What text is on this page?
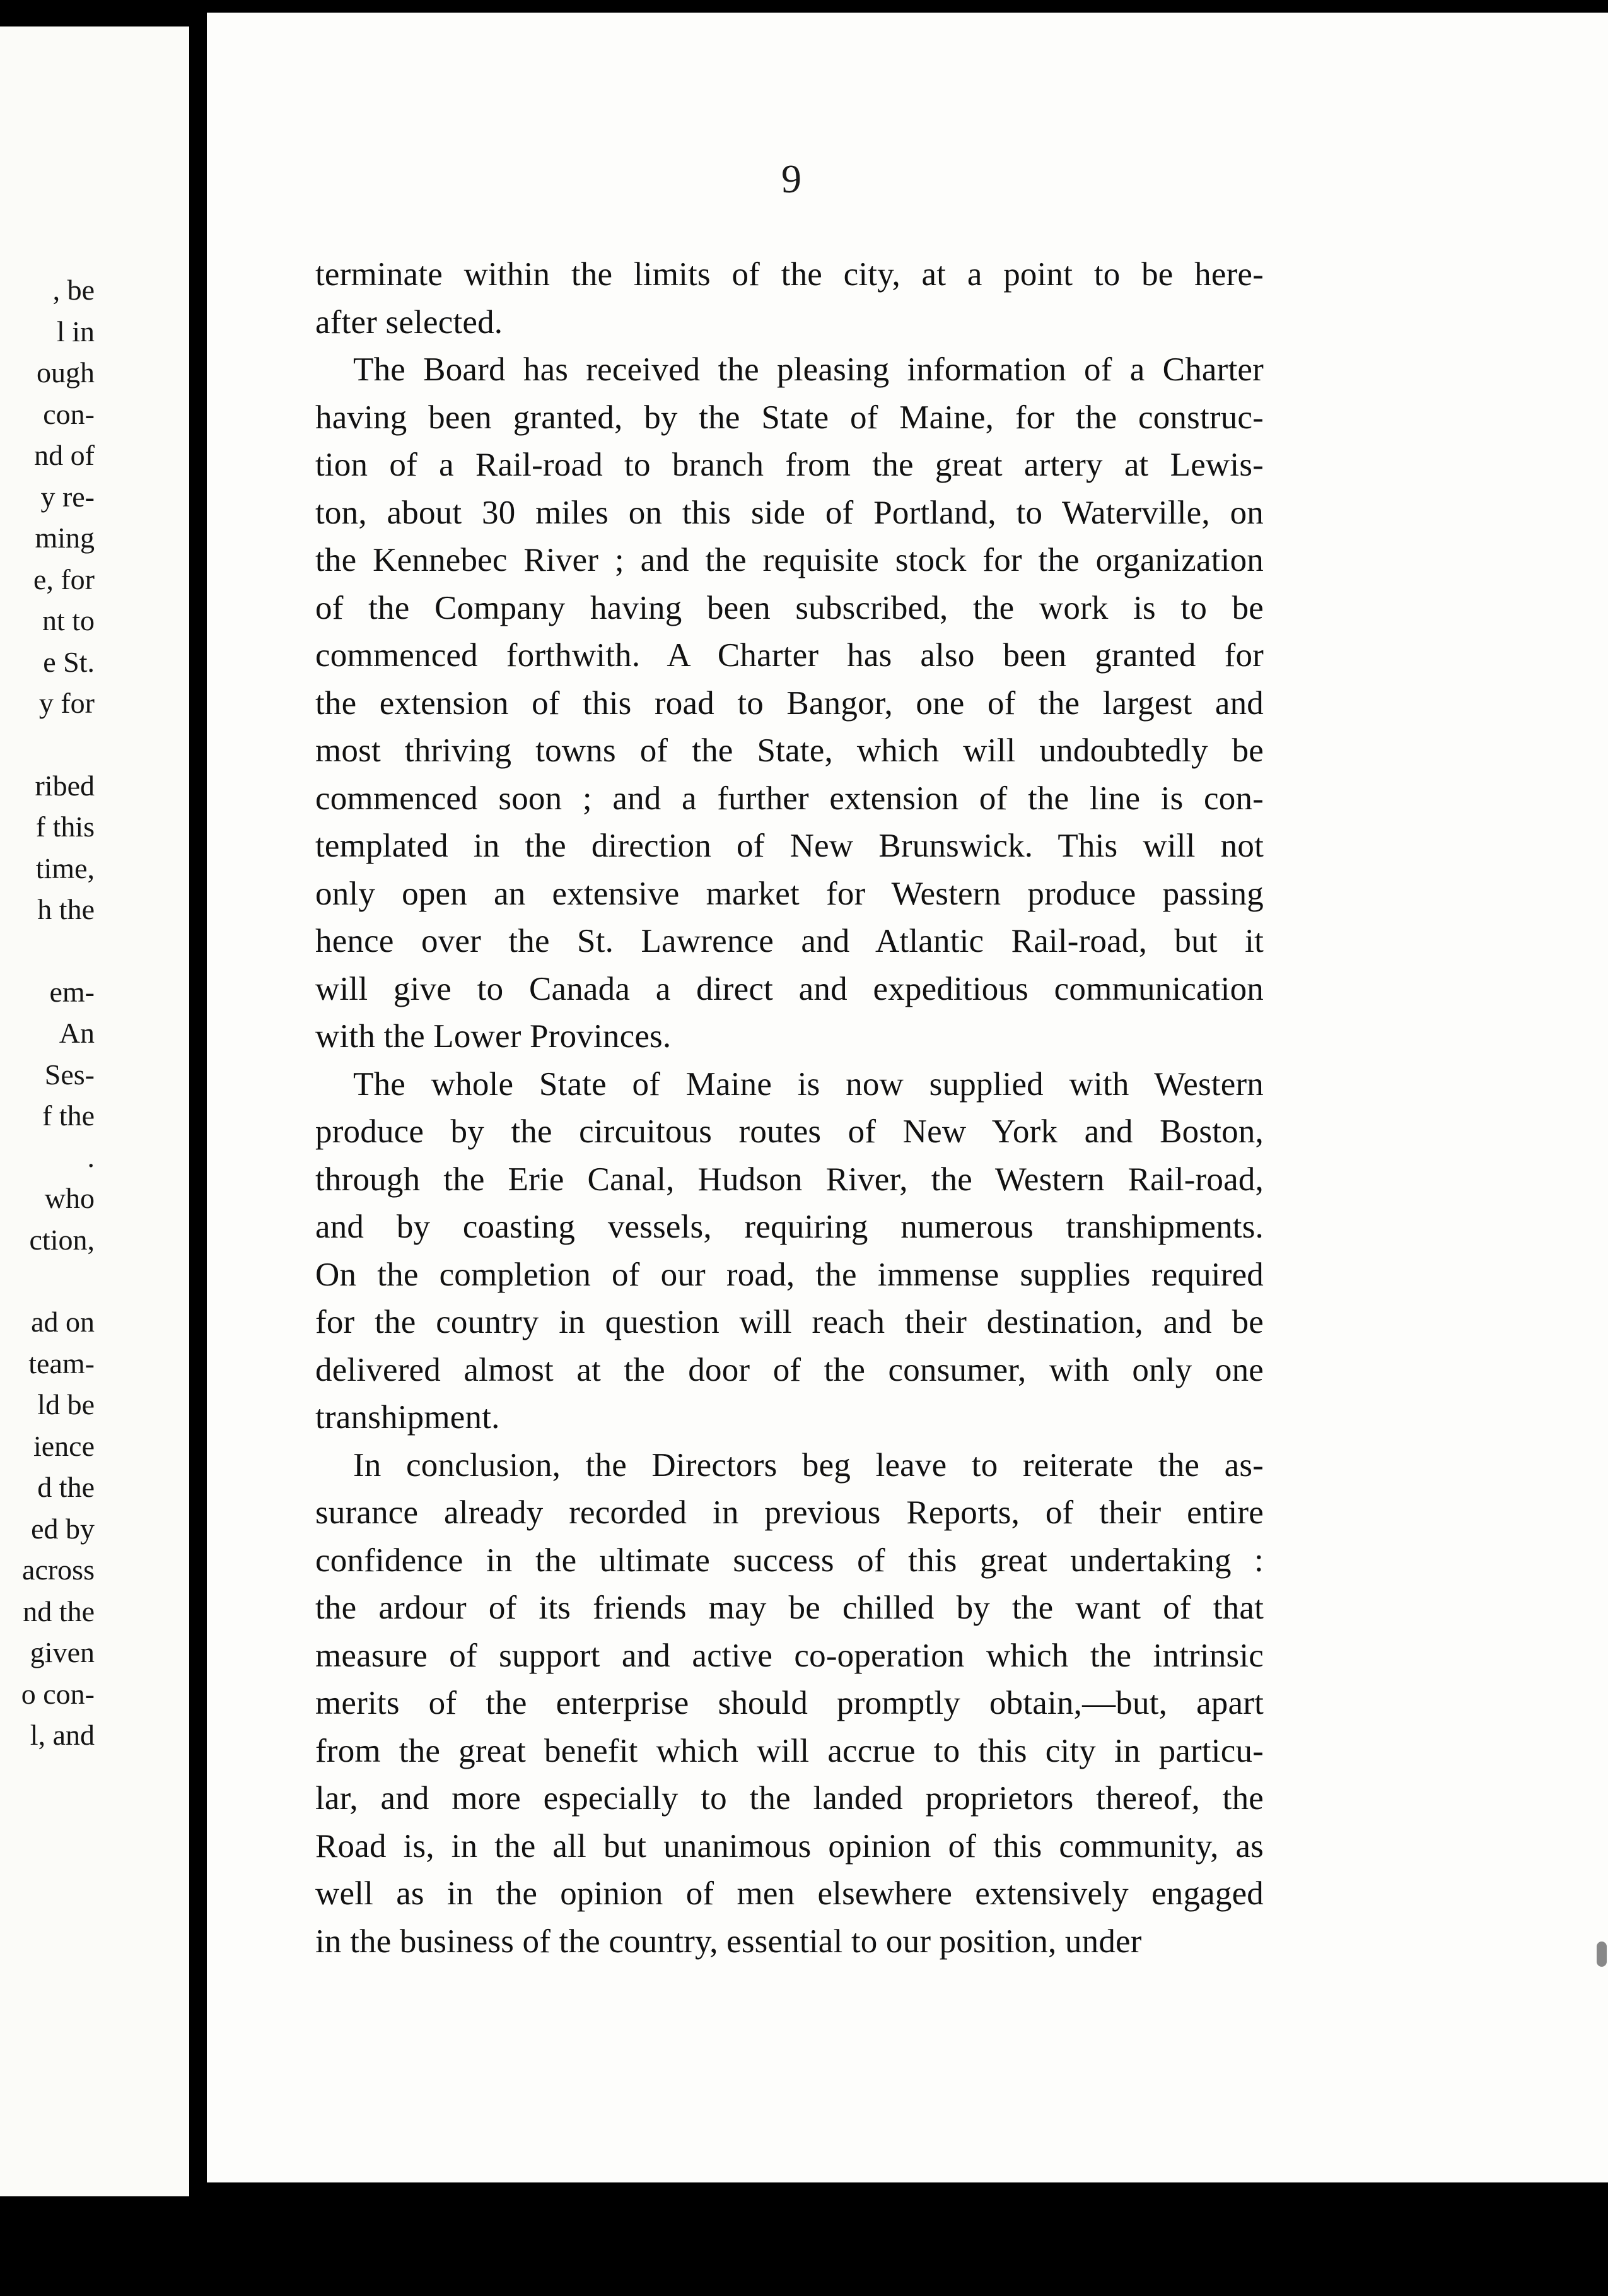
, be
l in
ough
con-
nd of
y re-
ming
e, for
nt to
e St.
y for
ribed
f this
time,
h the
em-
An
Ses-
f the
.
who
ction,
ad on
team-
ld be
ience
d the
ed by
across
nd the
given
o con-
l, and
9
terminate within the limits of the city, at a point to be here-
after selected.
The Board has received the pleasing information of a Charter
having been granted, by the State of Maine, for the construc-
tion of a Rail-road to branch from the great artery at Lewis-
ton, about 30 miles on this side of Portland, to Waterville, on
the Kennebec River ; and the requisite stock for the organization
of the Company having been subscribed, the work is to be
commenced forthwith. A Charter has also been granted for
the extension of this road to Bangor, one of the largest and
most thriving towns of the State, which will undoubtedly be
commenced soon ; and a further extension of the line is con-
templated in the direction of New Brunswick. This will not
only open an extensive market for Western produce passing
hence over the St. Lawrence and Atlantic Rail-road, but it
will give to Canada a direct and expeditious communication
with the Lower Provinces.
The whole State of Maine is now supplied with Western
produce by the circuitous routes of New York and Boston,
through the Erie Canal, Hudson River, the Western Rail-road,
and by coasting vessels, requiring numerous transhipments.
On the completion of our road, the immense supplies required
for the country in question will reach their destination, and be
delivered almost at the door of the consumer, with only one
transhipment.
In conclusion, the Directors beg leave to reiterate the as-
surance already recorded in previous Reports, of their entire
confidence in the ultimate success of this great undertaking :
the ardour of its friends may be chilled by the want of that
measure of support and active co-operation which the intrinsic
merits of the enterprise should promptly obtain,—but, apart
from the great benefit which will accrue to this city in particu-
lar, and more especially to the landed proprietors thereof, the
Road is, in the all but unanimous opinion of this community, as
well as in the opinion of men elsewhere extensively engaged
in the business of the country, essential to our position, under
